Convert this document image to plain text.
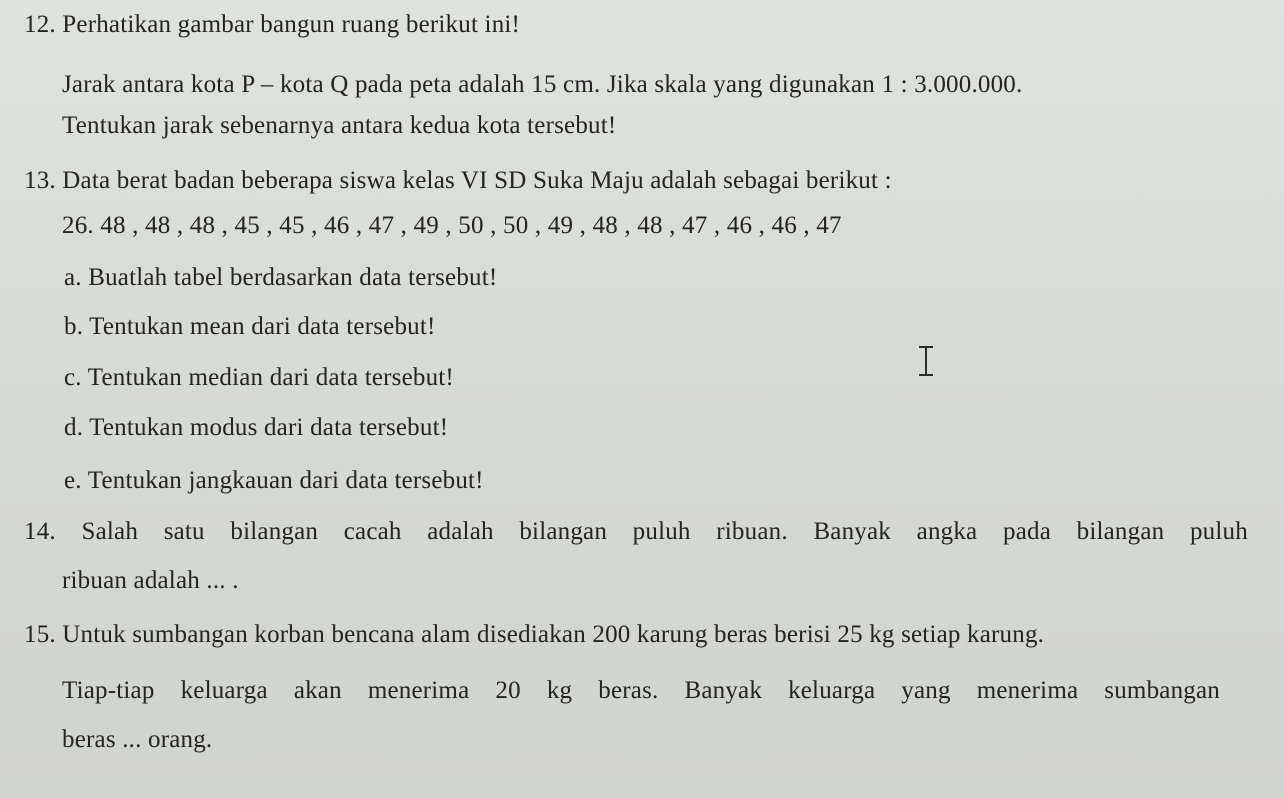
12. Perhatikan gambar bangun ruang berikut ini!
Jarak antara kota P – kota Q pada peta adalah 15 cm. Jika skala yang digunakan 1 : 3.000.000.
Tentukan jarak sebenarnya antara kedua kota tersebut!
13. Data berat badan beberapa siswa kelas VI SD Suka Maju adalah sebagai berikut :
26. 48 , 48 , 48 , 45 , 45 , 46 , 47 , 49 , 50 , 50 , 49 , 48 , 48 , 47 , 46 , 46 , 47
a. Buatlah tabel berdasarkan data tersebut!
b. Tentukan mean dari data tersebut!
c. Tentukan median dari data tersebut!
d. Tentukan modus dari data tersebut!
e. Tentukan jangkauan dari data tersebut!
14. Salah satu bilangan cacah adalah bilangan puluh ribuan. Banyak angka pada bilangan puluh
ribuan adalah ... .
15. Untuk sumbangan korban bencana alam disediakan 200 karung beras berisi 25 kg setiap karung.
Tiap-tiap keluarga akan menerima 20 kg beras. Banyak keluarga yang menerima sumbangan
beras ... orang.
